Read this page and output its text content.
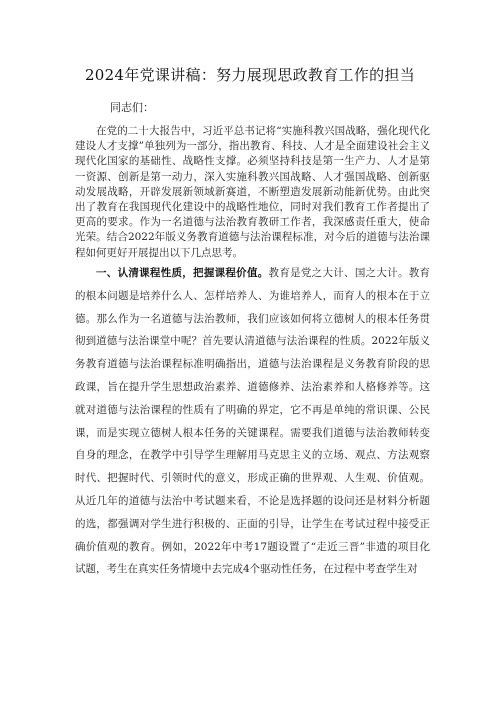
2024年党课讲稿：努力展现思政教育工作的担当
同志们：

在党的二十大报告中，习近平总书记将“实施科教兴国战略，强化现代化建设人才支撑”单独列为一部分，指出教育、科技、人才是全面建设社会主义现代化国家的基础性、战略性支撑。必须坚持科技是第一生产力、人才是第一资源、创新是第一动力，深入实施科教兴国战略、人才强国战略、创新驱动发展战略，开辟发展新领域新赛道，不断塑造发展新动能新优势。由此突出了教育在我国现代化建设中的战略性地位，同时对我们教育工作者提出了更高的要求。作为一名道德与法治教育教研工作者，我深感责任重大，使命光荣。结合2022年版义务教育道德与法治课程标准，对今后的道德与法治课程如何更好开展提出以下几点思考。

一、认清课程性质，把握课程价值。教育是党之大计、国之大计。教育的根本问题是培养什么人、怎样培养人、为谁培养人，而育人的根本在于立德。那么作为一名道德与法治教师，我们应该如何将立德树人的根本任务贯彻到道德与法治课堂中呢？首先要认清道德与法治课程的性质。2022年版义务教育道德与法治课程标准明确指出，道德与法治课程是义务教育阶段的思政课，旨在提升学生思想政治素养、道德修养、法治素养和人格修养等。这就对道德与法治课程的性质有了明确的界定，它不再是单纯的常识课、公民课，而是实现立德树人根本任务的关键课程。需要我们道德与法治教师转变自身的理念，在教学中引导学生理解用马克思主义的立场、观点、方法观察时代、把握时代、引领时代的意义，形成正确的世界观、人生观、价值观。从近几年的道德与法治中考试题来看，不论是选择题的设问还是材料分析题的选，都强调对学生进行积极的、正面的引导，让学生在考试过程中接受正确价值观的教育。例如，2022年中考17题设置了“走近三晋”非遗的项目化试题，考生在真实任务情境中去完成4个驱动性任务，在过程中考查学生对
